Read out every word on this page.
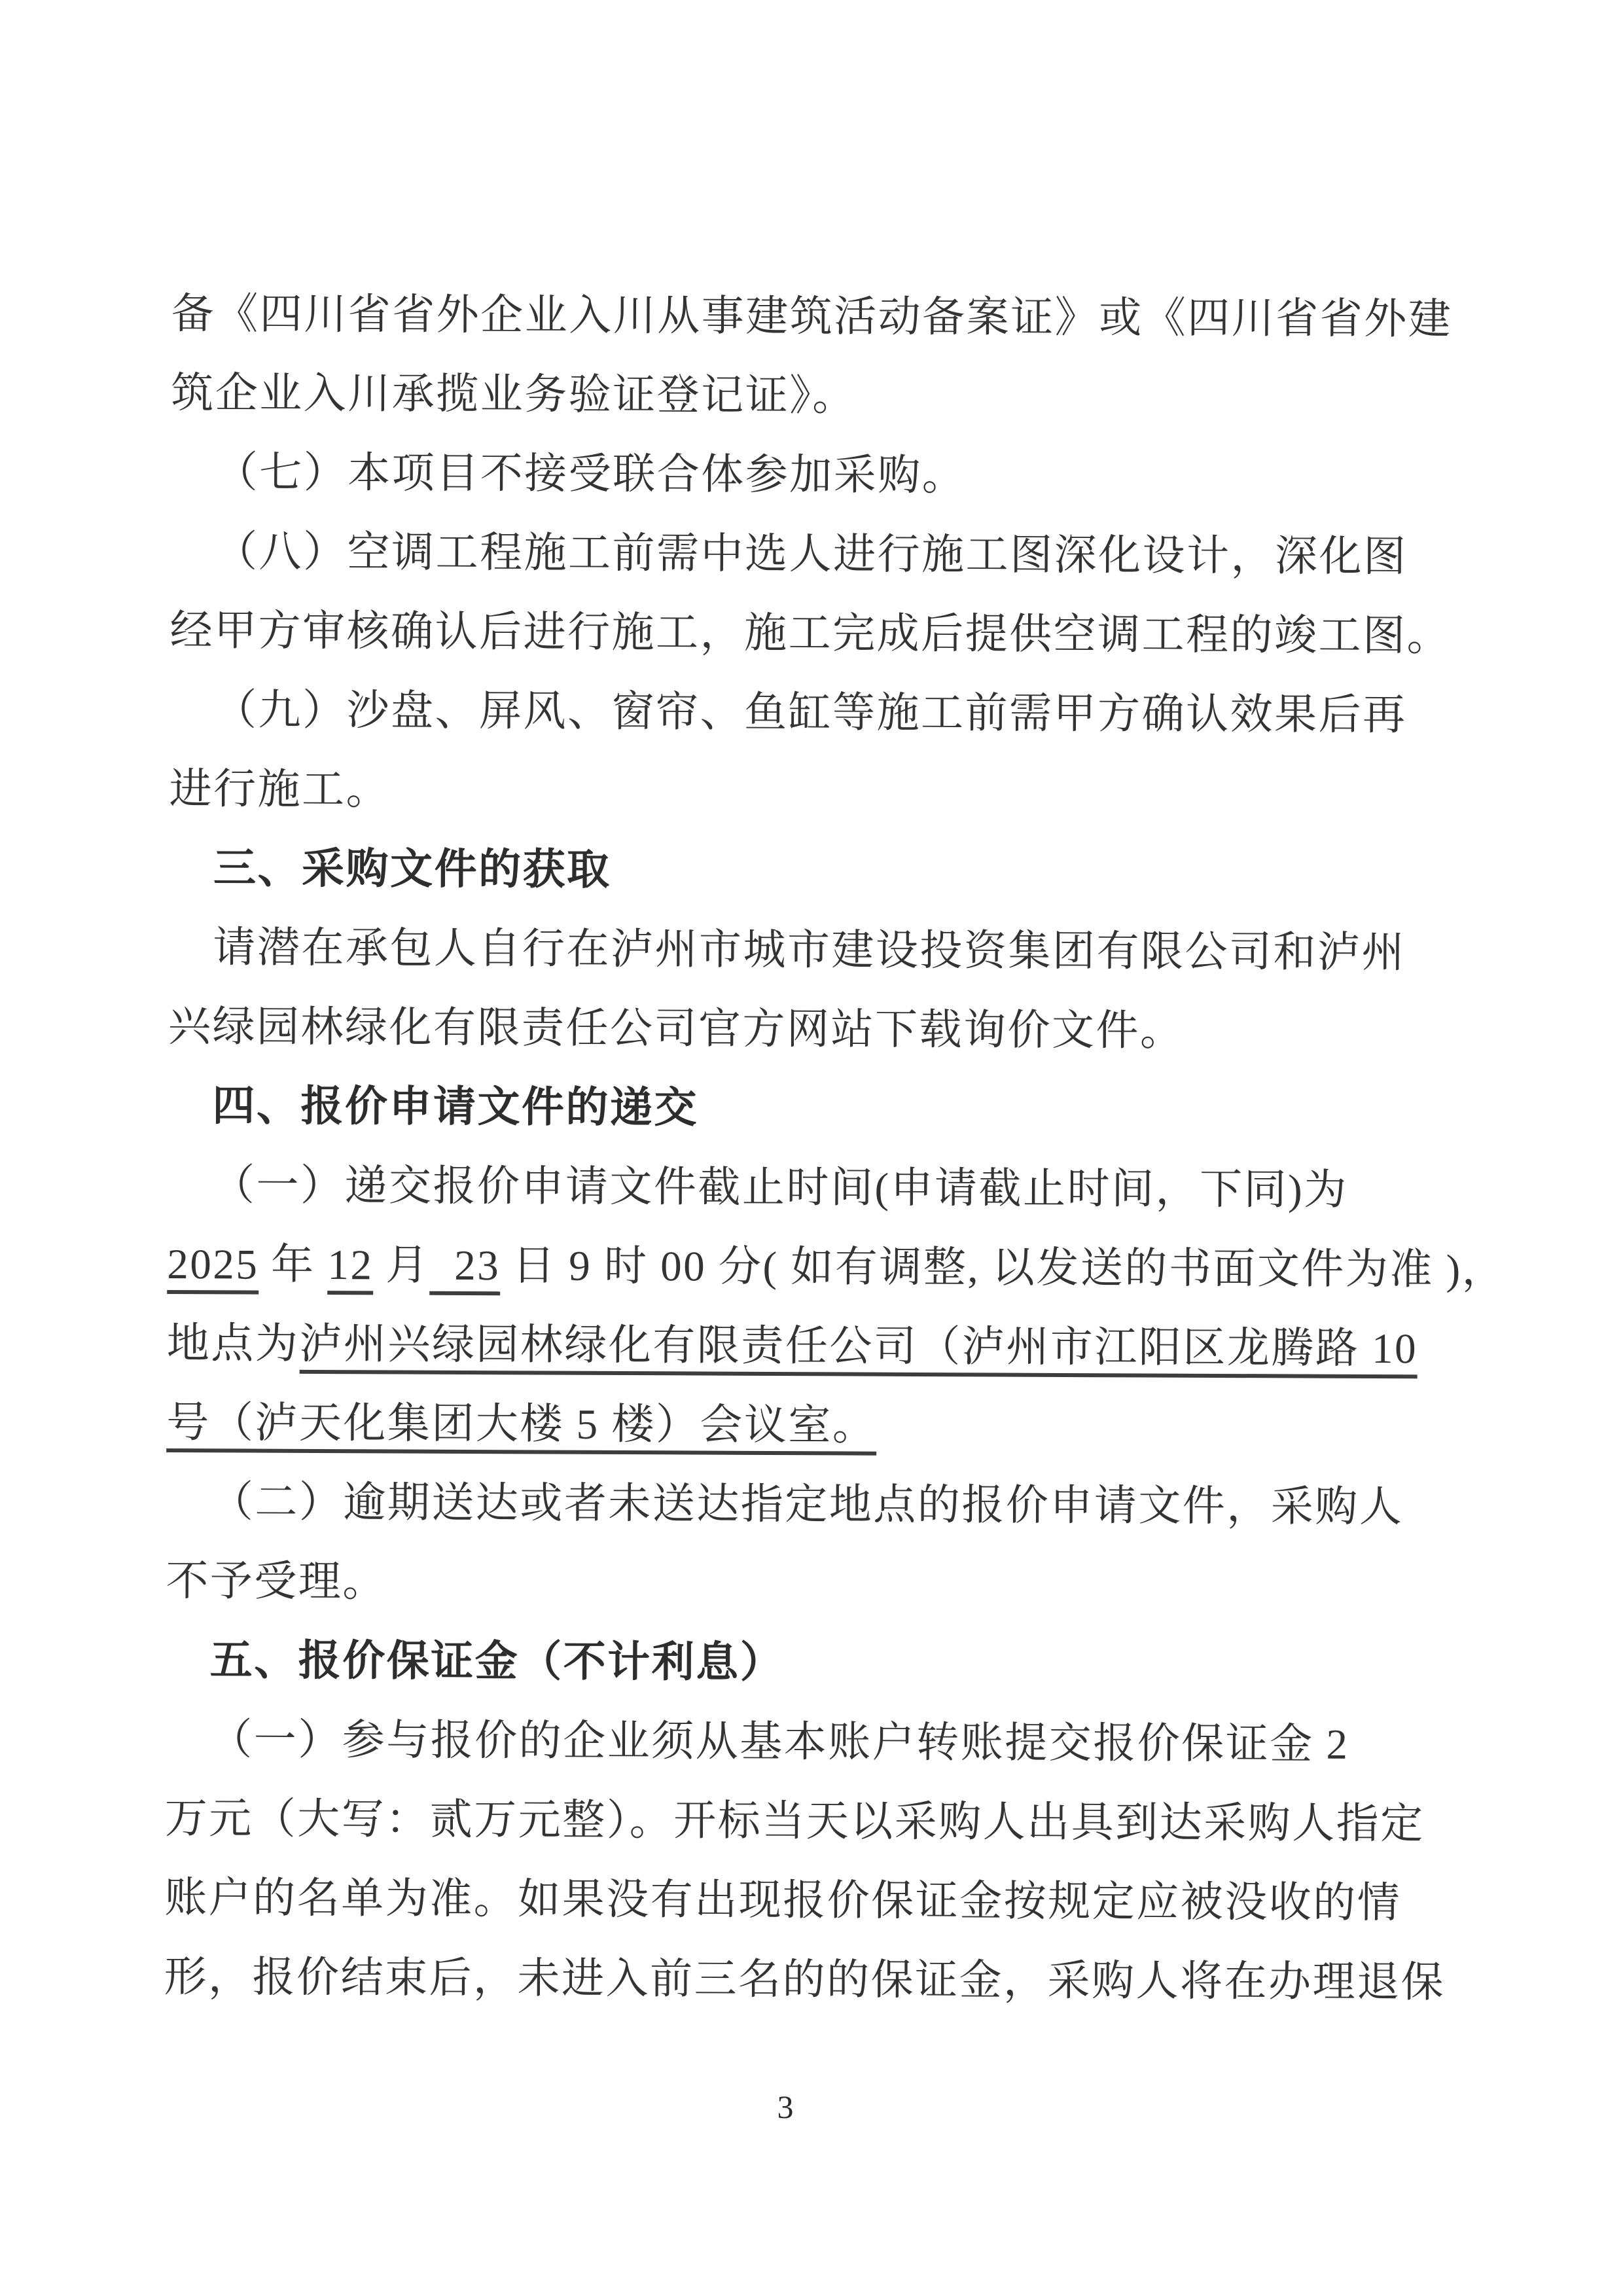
备《四川省省外企业入川从事建筑活动备案证》或《四川省省外建
筑企业入川承揽业务验证登记证》。
（七）本项目不接受联合体参加采购。
（八）空调工程施工前需中选人进行施工图深化设计，深化图
经甲方审核确认后进行施工，施工完成后提供空调工程的竣工图。
（九）沙盘、屏风、窗帘、鱼缸等施工前需甲方确认效果后再
进行施工。
三、采购文件的获取
请潜在承包人自行在泸州市城市建设投资集团有限公司和泸州
兴绿园林绿化有限责任公司官方网站下载询价文件。
四、报价申请文件的递交
（一）递交报价申请文件截止时间(申请截止时间，下同)为
2025 年 12 月  23 日 9 时 00 分( 如有调整, 以发送的书面文件为准 )，
地点为泸州兴绿园林绿化有限责任公司（泸州市江阳区龙腾路 10
号（泸天化集团大楼 5 楼）会议室。
（二）逾期送达或者未送达指定地点的报价申请文件，采购人
不予受理。
五、报价保证金（不计利息）
（一）参与报价的企业须从基本账户转账提交报价保证金 2
万元（大写：贰万元整）。开标当天以采购人出具到达采购人指定
账户的名单为准。如果没有出现报价保证金按规定应被没收的情
形，报价结束后，未进入前三名的的保证金，采购人将在办理退保
3
